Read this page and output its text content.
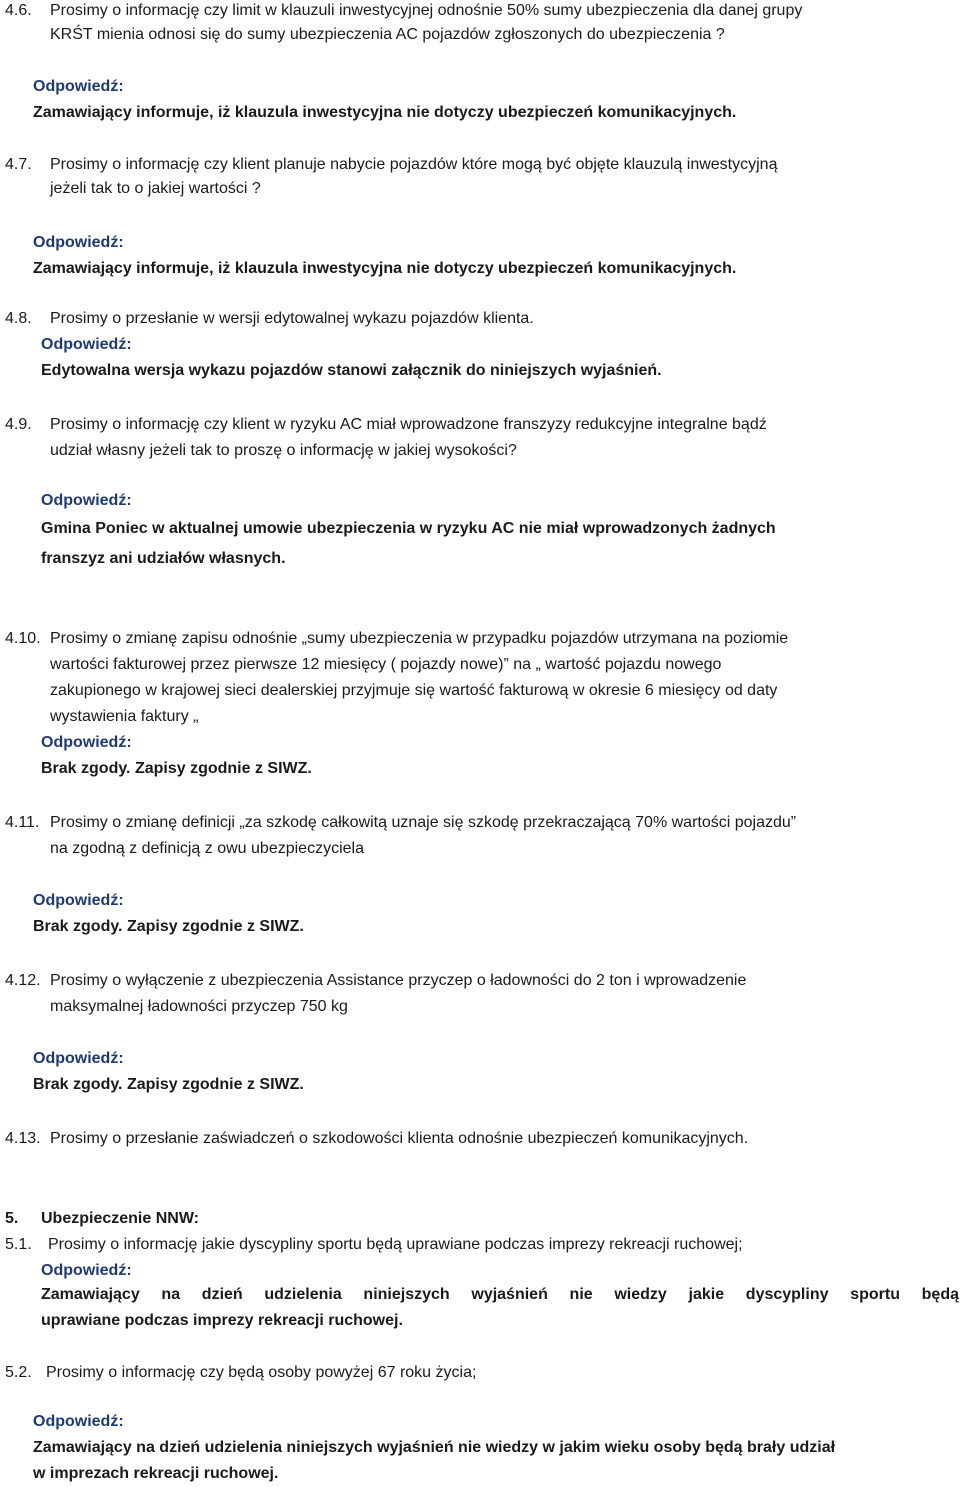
4.6. Prosimy o informację czy limit w klauzuli inwestycyjnej odnośnie 50% sumy ubezpieczenia dla danej grupy
KRŚT mienia odnosi się do sumy ubezpieczenia AC pojazdów zgłoszonych do ubezpieczenia ?
Odpowiedź:
Zamawiający informuje, iż klauzula inwestycyjna nie dotyczy ubezpieczeń komunikacyjnych.
4.7. Prosimy o informację czy klient planuje nabycie pojazdów które mogą być objęte klauzulą inwestycyjną
jeżeli tak to o jakiej wartości ?
Odpowiedź:
Zamawiający informuje, iż klauzula inwestycyjna nie dotyczy ubezpieczeń komunikacyjnych.
4.8. Prosimy o przesłanie w wersji edytowalnej wykazu pojazdów klienta.
Odpowiedź:
Edytowalna wersja wykazu pojazdów stanowi załącznik do niniejszych wyjaśnień.
4.9. Prosimy o informację czy klient w ryzyku AC miał wprowadzone franszyzy redukcyjne integralne bądź
udział własny jeżeli tak to proszę o informację w jakiej wysokości?
Odpowiedź:
Gmina Poniec w aktualnej umowie ubezpieczenia w ryzyku AC nie miał wprowadzonych żadnych
franszyz ani udziałów własnych.
4.10. Prosimy o zmianę zapisu odnośnie „sumy ubezpieczenia w przypadku pojazdów utrzymana na poziomie
wartości fakturowej przez pierwsze 12 miesięcy ( pojazdy nowe)” na „ wartość pojazdu nowego
zakupionego w krajowej sieci dealerskiej przyjmuje się wartość fakturową w okresie 6 miesięcy od daty
wystawienia faktury „
Odpowiedź:
Brak zgody. Zapisy zgodnie z SIWZ.
4.11. Prosimy o zmianę definicji „za szkodę całkowitą uznaje się szkodę przekraczającą 70% wartości pojazdu”
na zgodną z definicją z owu ubezpieczyciela
Odpowiedź:
Brak zgody. Zapisy zgodnie z SIWZ.
4.12. Prosimy o wyłączenie z ubezpieczenia Assistance przyczep o ładowności do 2 ton i wprowadzenie
maksymalnej ładowności przyczep 750 kg
Odpowiedź:
Brak zgody. Zapisy zgodnie z SIWZ.
4.13. Prosimy o przesłanie zaświadczeń o szkodowości klienta odnośnie ubezpieczeń komunikacyjnych.
5. Ubezpieczenie NNW:
5.1. Prosimy o informację jakie dyscypliny sportu będą uprawiane podczas imprezy rekreacji ruchowej;
Odpowiedź:
Zamawiający na dzień udzielenia niniejszych wyjaśnień nie wiedzy jakie dyscypliny sportu będą
uprawiane podczas imprezy rekreacji ruchowej.
5.2. Prosimy o informację czy będą osoby powyżej 67 roku życia;
Odpowiedź:
Zamawiający na dzień udzielenia niniejszych wyjaśnień nie wiedzy w jakim wieku osoby będą brały udział
w imprezach rekreacji ruchowej.
